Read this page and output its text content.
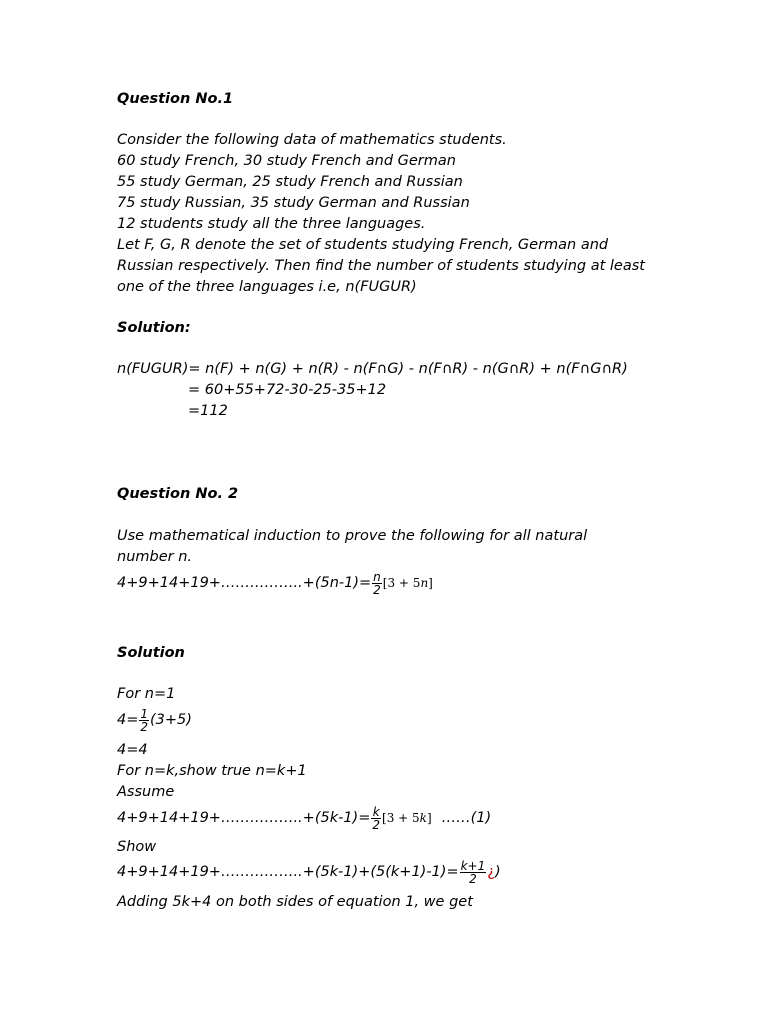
Question No.1
Consider the following data of mathematics students.
60 study French, 30 study French and German
55 study German, 25 study French and Russian
75 study Russian, 35 study German and Russian
12 students study all the three languages.
Let F, G, R denote the set of students studying French, German and
Russian respectively. Then find the number of students studying at least
one of the three languages i.e, n(FUGUR)
Solution:
n(FUGUR)= n(F) + n(G) + n(R) - n(F∩G) - n(F∩R) - n(G∩R) + n(F∩G∩R)
= 60+55+72-30-25-35+12
=112
Question No. 2
Use mathematical induction to prove the following for all natural
number n.
4+9+14+19+……………..+(5n-1)= $\frac{n}{2} [3 + 5n]$
Solution
For n=1
$4= \frac{1}{2} (3+5)$
4=4
For n=k,show true n=k+1
Assume
4+9+14+19+……………..+(5k-1)= $\frac{k}{2} [3 + 5k]$ ……(1)
Show
4+9+14+19+……………..+(5k-1)+(5(k+1)-1)= $\frac{k+1}{2}$ ¿)
Adding 5k+4 on both sides of equation 1, we get
